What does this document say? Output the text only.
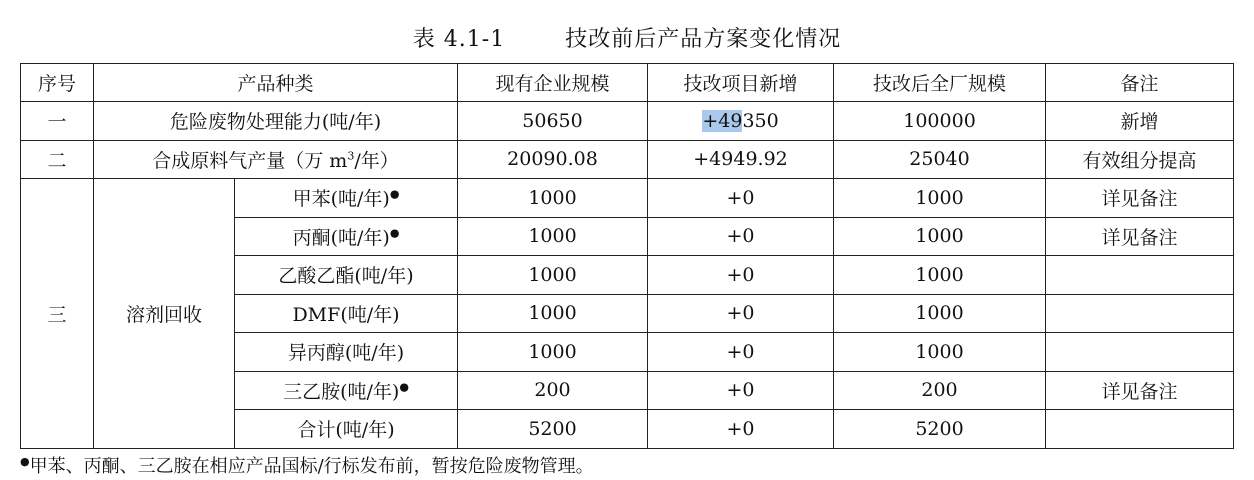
表 4.1-1	技改前后产品方案变化情况
序号	产品种类		现有企业规模	技改项目新增	技改后全厂规模	备注
一	危险废物处理能力(吨/年)		50650	+49350	100000	新增
二	合成原料气产量（万 $m^3/$年）		20090.08	+4949.92	25040	有效组分提高
三	溶剂回收	甲苯(吨/年)●	1000	+0	1000	详见备注
		丙酮(吨/年)●	1000	+0	1000	详见备注
		乙酸乙酯(吨/年)	1000	+0	1000	
		DMF(吨/年)	1000	+0	1000	
		异丙醇(吨/年)	1000	+0	1000	
		三乙胺(吨/年)●	200	+0	200	详见备注
		合计(吨/年)	5200	+0	5200	
●甲苯、丙酮、三乙胺在相应产品国标/行标发布前，暂按危险废物管理。
